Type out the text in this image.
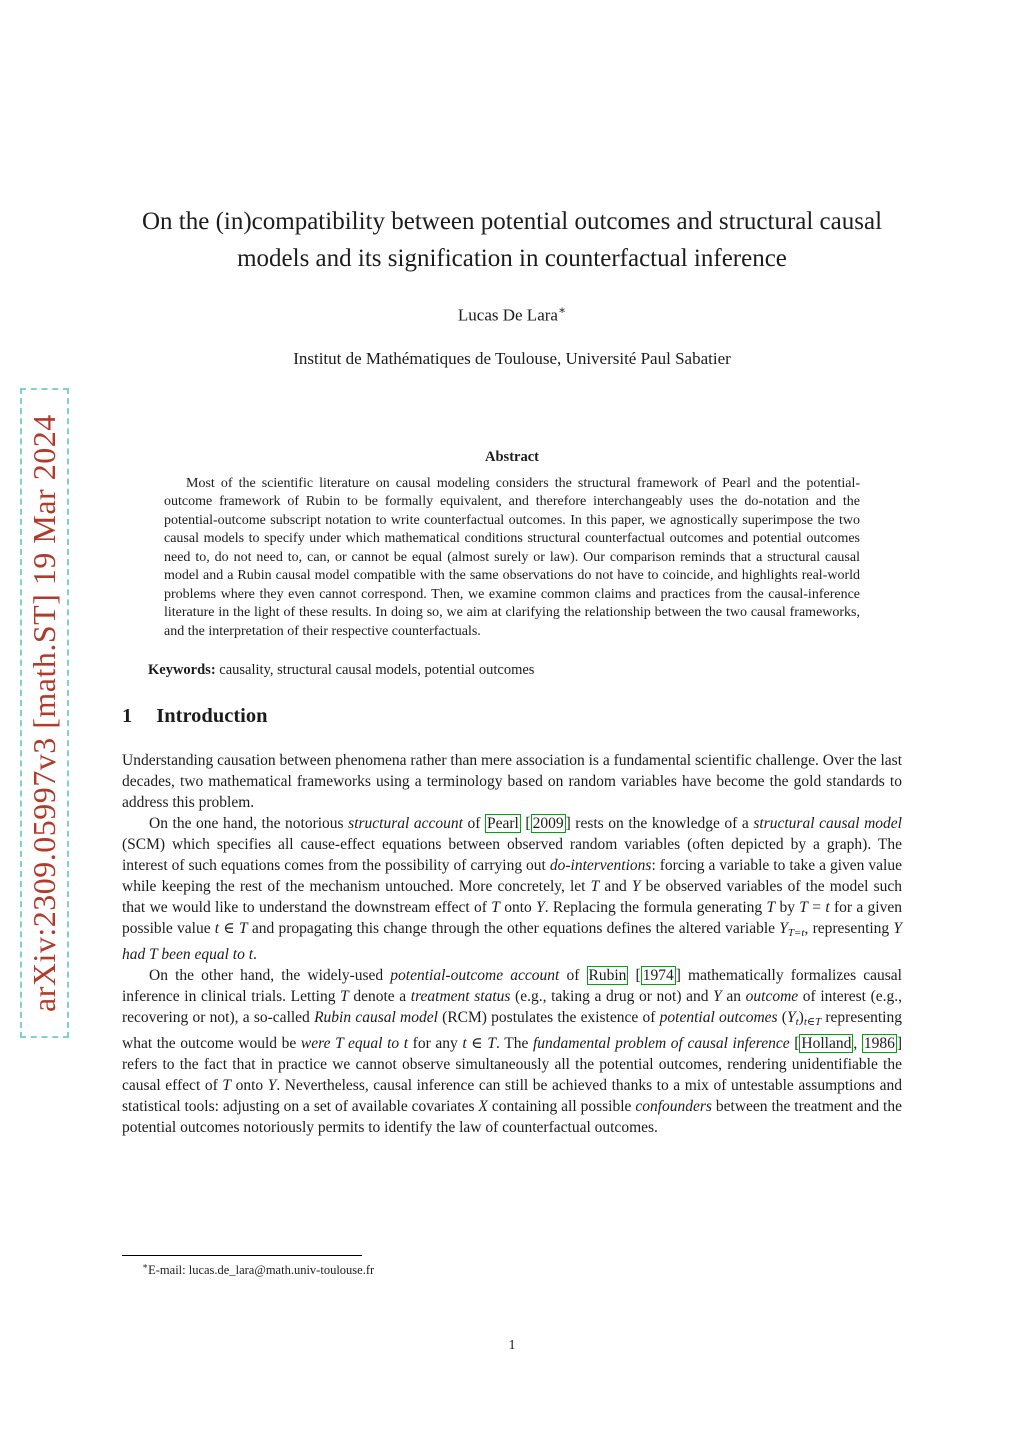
arXiv:2309.05997v3 [math.ST] 19 Mar 2024
On the (in)compatibility between potential outcomes and structural causal models and its signification in counterfactual inference
Lucas De Lara∗
Institut de Mathématiques de Toulouse, Université Paul Sabatier
Abstract

Most of the scientific literature on causal modeling considers the structural framework of Pearl and the potential-outcome framework of Rubin to be formally equivalent, and therefore interchangeably uses the do-notation and the potential-outcome subscript notation to write counterfactual outcomes. In this paper, we agnostically superimpose the two causal models to specify under which mathematical conditions structural counterfactual outcomes and potential outcomes need to, do not need to, can, or cannot be equal (almost surely or law). Our comparison reminds that a structural causal model and a Rubin causal model compatible with the same observations do not have to coincide, and highlights real-world problems where they even cannot correspond. Then, we examine common claims and practices from the causal-inference literature in the light of these results. In doing so, we aim at clarifying the relationship between the two causal frameworks, and the interpretation of their respective counterfactuals.

Keywords: causality, structural causal models, potential outcomes
1 Introduction

Understanding causation between phenomena rather than mere association is a fundamental scientific challenge. Over the last decades, two mathematical frameworks using a terminology based on random variables have become the gold standards to address this problem.

On the one hand, the notorious structural account of Pearl [ 2009 ] rests on the knowledge of a structural causal model (SCM) which specifies all cause-effect equations between observed random variables (often depicted by a graph). The interest of such equations comes from the possibility of carrying out do-interventions: forcing a variable to take a given value while keeping the rest of the mechanism untouched. More concretely, let T and Y be observed variables of the model such that we would like to understand the downstream effect of T onto Y. Replacing the formula generating T by T = t for a given possible value t ∈ T and propagating this change through the other equations defines the altered variable YT=t, representing Y had T been equal to t.

On the other hand, the widely-used potential-outcome account of Rubin [ 1974 ] mathematically formalizes causal inference in clinical trials. Letting T denote a treatment status (e.g., taking a drug or not) and Y an outcome of interest (e.g., recovering or not), a so-called Rubin causal model (RCM) postulates the existence of potential outcomes (Yt)t∈T representing what the outcome would be were T equal to t for any t ∈ T. The fundamental problem of causal inference [ Holland , 1986 ] refers to the fact that in practice we cannot observe simultaneously all the potential outcomes, rendering unidentifiable the causal effect of T onto Y. Nevertheless, causal inference can still be achieved thanks to a mix of untestable assumptions and statistical tools: adjusting on a set of available covariates X containing all possible confounders between the treatment and the potential outcomes notoriously permits to identify the law of counterfactual outcomes.

∗E-mail: lucas.de_lara@math.univ-toulouse.fr
1
